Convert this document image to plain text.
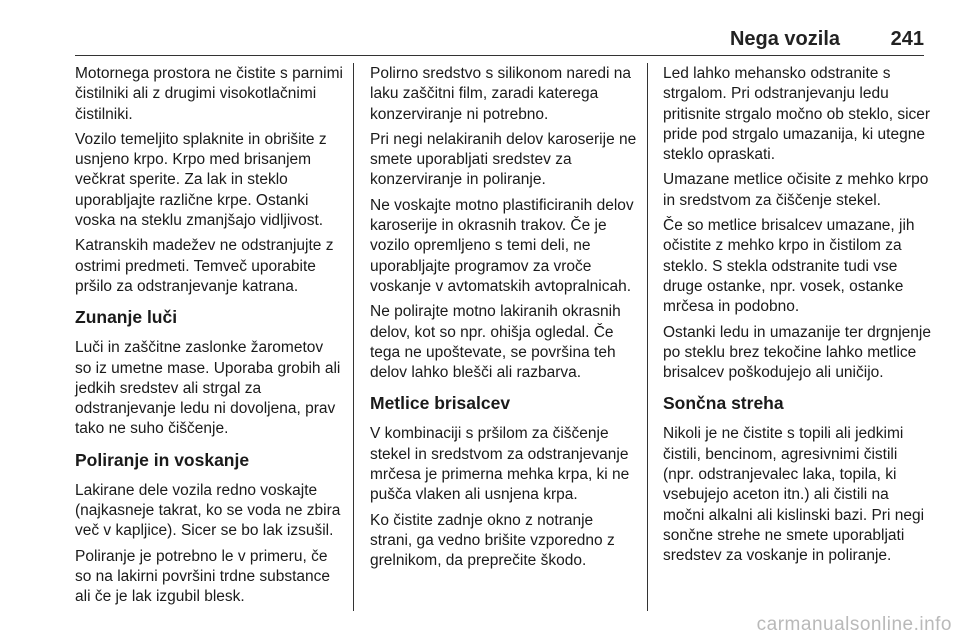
Nega vozila	241

Motornega prostora ne čistite s parnimi čistilniki ali z drugimi visokotlačnimi čistilniki.

Vozilo temeljito splaknite in obrišite z usnjeno krpo. Krpo med brisanjem večkrat sperite. Za lak in steklo uporabljajte različne krpe. Ostanki voska na steklu zmanjšajo vidljivost.

Katranskih madežev ne odstranjujte z ostrimi predmeti. Temveč uporabite pršilo za odstranjevanje katrana.

Zunanje luči

Luči in zaščitne zaslonke žarometov so iz umetne mase. Uporaba grobih ali jedkih sredstev ali strgal za odstranjevanje ledu ni dovoljena, prav tako ne suho čiščenje.

Poliranje in voskanje

Lakirane dele vozila redno voskajte (najkasneje takrat, ko se voda ne zbira več v kapljice). Sicer se bo lak izsušil.

Poliranje je potrebno le v primeru, če so na lakirni površini trdne substance ali če je lak izgubil blesk.

Polirno sredstvo s silikonom naredi na laku zaščitni film, zaradi katerega konzerviranje ni potrebno.

Pri negi nelakiranih delov karoserije ne smete uporabljati sredstev za konzerviranje in poliranje.

Ne voskajte motno plastificiranih delov karoserije in okrasnih trakov. Če je vozilo opremljeno s temi deli, ne uporabljajte programov za vroče voskanje v avtomatskih avtopralnicah.

Ne polirajte motno lakiranih okrasnih delov, kot so npr. ohišja ogledal. Če tega ne upoštevate, se površina teh delov lahko blešči ali razbarva.

Metlice brisalcev

V kombinaciji s pršilom za čiščenje stekel in sredstvom za odstranjevanje mrčesa je primerna mehka krpa, ki ne pušča vlaken ali usnjena krpa.

Ko čistite zadnje okno z notranje strani, ga vedno brišite vzporedno z grelnikom, da preprečite škodo.

Led lahko mehansko odstranite s strgalom. Pri odstranjevanju ledu pritisnite strgalo močno ob steklo, sicer pride pod strgalo umazanija, ki utegne steklo opraskati.

Umazane metlice očisite z mehko krpo in sredstvom za čiščenje stekel.

Če so metlice brisalcev umazane, jih očistite z mehko krpo in čistilom za steklo. S stekla odstranite tudi vse druge ostanke, npr. vosek, ostanke mrčesa in podobno.

Ostanki ledu in umazanije ter drgnjenje po steklu brez tekočine lahko metlice brisalcev poškodujejo ali uničijo.

Sončna streha

Nikoli je ne čistite s topili ali jedkimi čistili, bencinom, agresivnimi čistili (npr. odstranjevalec laka, topila, ki vsebujejo aceton itn.) ali čistili na močni alkalni ali kislinski bazi. Pri negi sončne strehe ne smete uporabljati sredstev za voskanje in poliranje.

carmanualsonline.info
